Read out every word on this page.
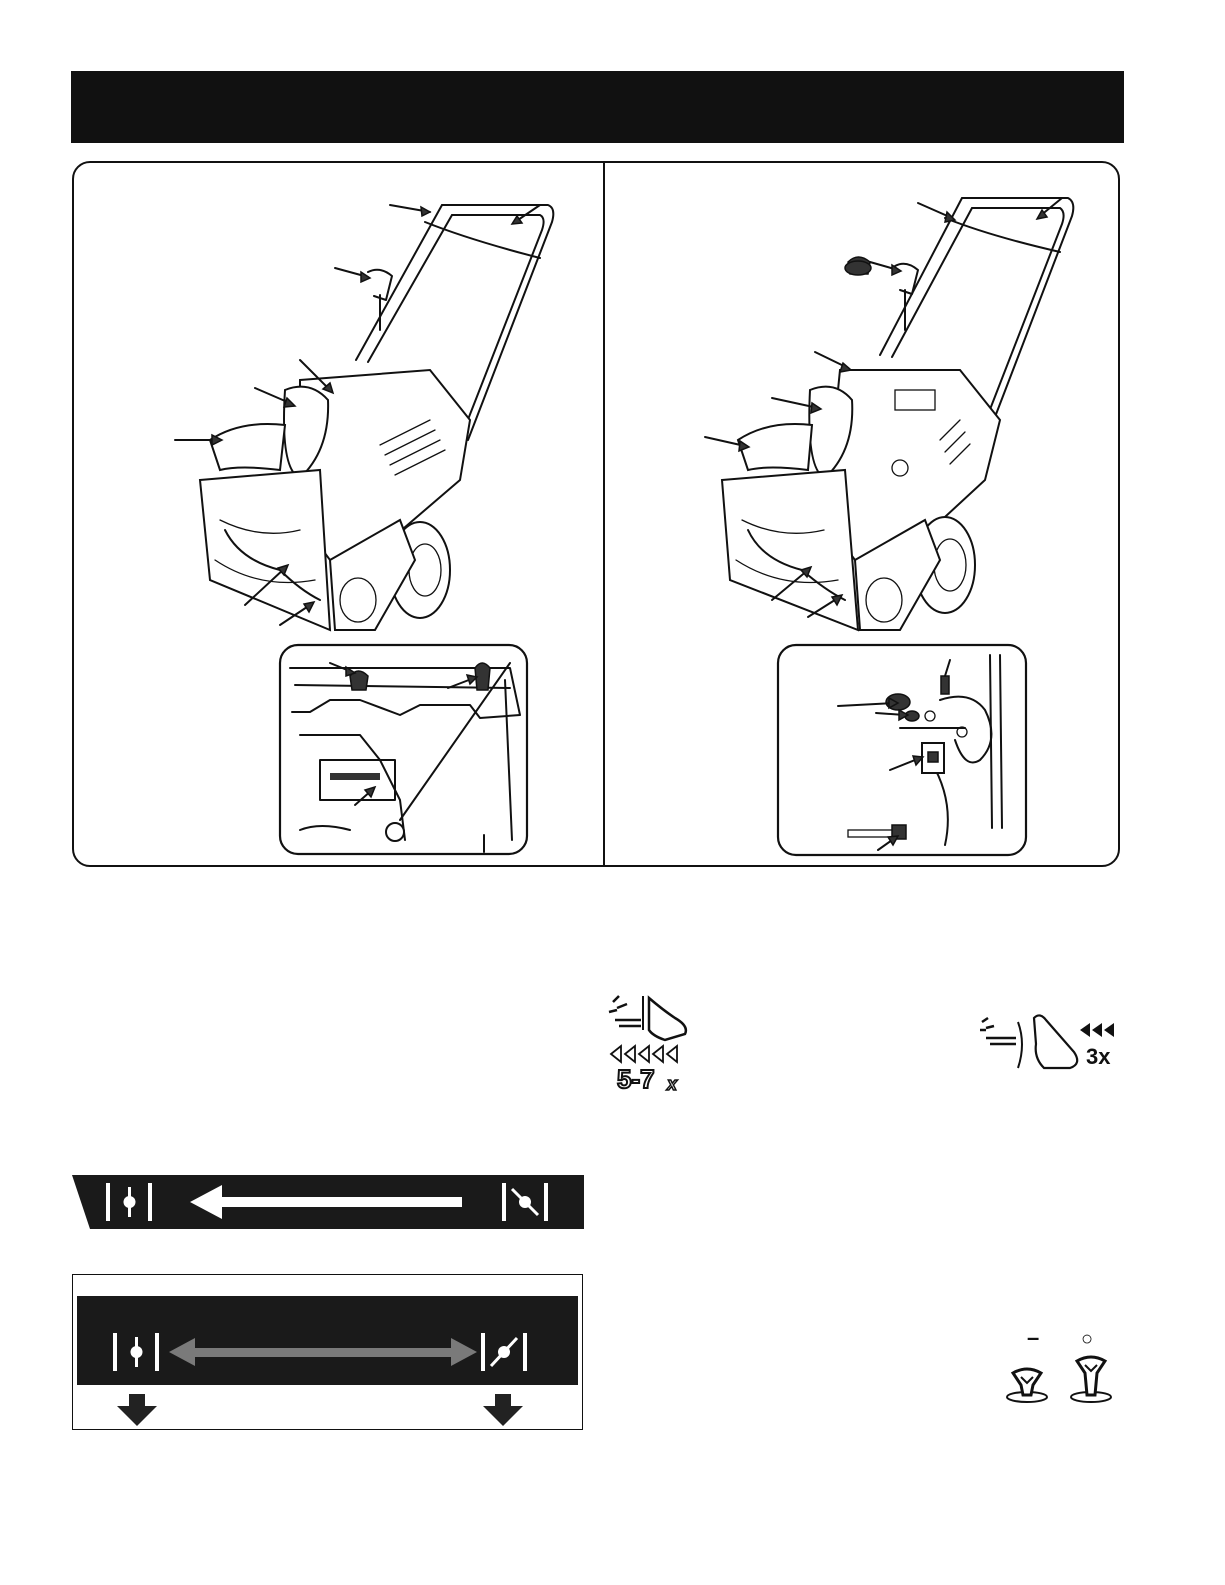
5-7 x
3x
– ○
